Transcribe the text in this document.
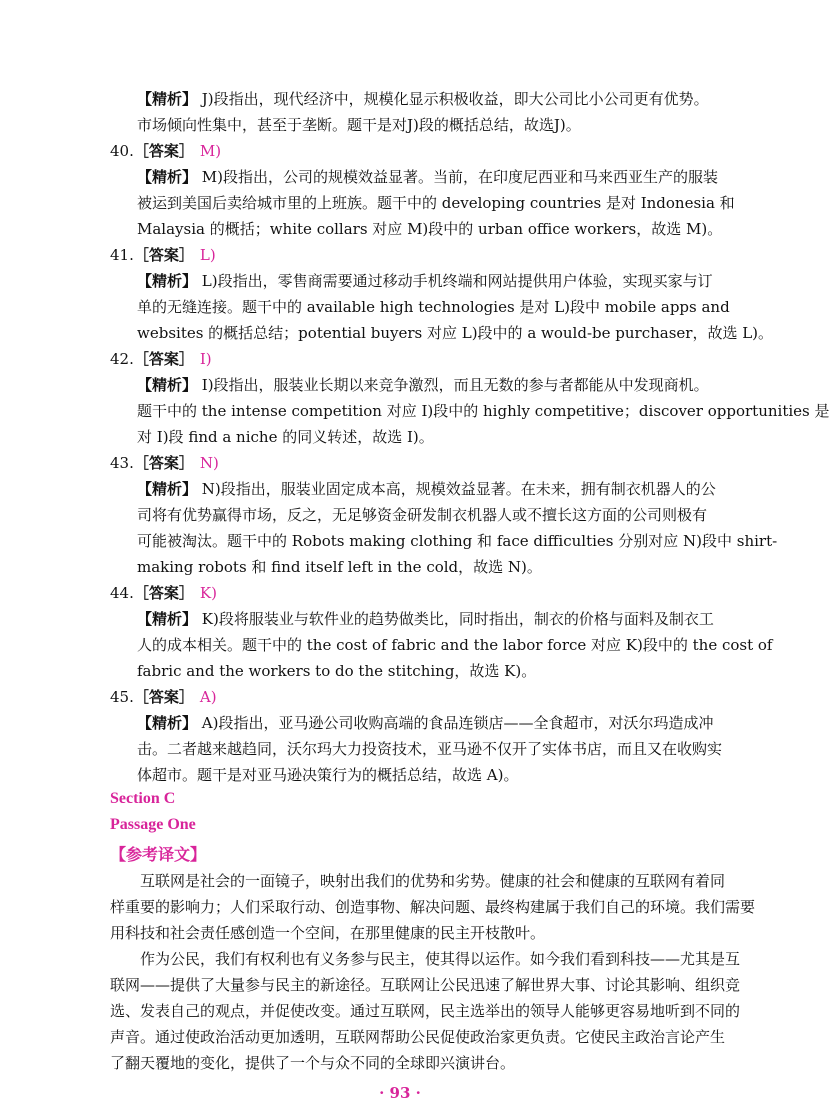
【精析】 J)段指出，现代经济中，规模化显示积极收益，即大公司比小公司更有优势。
市场倾向性集中，甚至于垄断。题干是对J)段的概括总结，故选J)。
40.［答案］ M)
【精析】 M)段指出，公司的规模效益显著。当前，在印度尼西亚和马来西亚生产的服装
被运到美国后卖给城市里的上班族。题干中的 developing countries 是对 Indonesia 和
Malaysia 的概括；white collars 对应 M)段中的 urban office workers，故选 M)。
41.［答案］ L)
【精析】 L)段指出，零售商需要通过移动手机终端和网站提供用户体验，实现买家与订
单的无缝连接。题干中的 available high technologies 是对 L)段中 mobile apps and
websites 的概括总结；potential buyers 对应 L)段中的 a would-be purchaser，故选 L)。
42.［答案］ I)
【精析】 I)段指出，服装业长期以来竞争激烈，而且无数的参与者都能从中发现商机。
题干中的 the intense competition 对应 I)段中的 highly competitive；discover opportunities 是
对 I)段 find a niche 的同义转述，故选 I)。
43.［答案］ N)
【精析】 N)段指出，服装业固定成本高，规模效益显著。在未来，拥有制衣机器人的公
司将有优势赢得市场，反之，无足够资金研发制衣机器人或不擅长这方面的公司则极有
可能被淘汰。题干中的 Robots making clothing 和 face difficulties 分别对应 N)段中 shirt-
making robots 和 find itself left in the cold，故选 N)。
44.［答案］ K)
【精析】 K)段将服装业与软件业的趋势做类比，同时指出，制衣的价格与面料及制衣工
人的成本相关。题干中的 the cost of fabric and the labor force 对应 K)段中的 the cost of
fabric and the workers to do the stitching，故选 K)。
45.［答案］ A)
【精析】 A)段指出，亚马逊公司收购高端的食品连锁店——全食超市，对沃尔玛造成冲
击。二者越来越趋同，沃尔玛大力投资技术，亚马逊不仅开了实体书店，而且又在收购实
体超市。题干是对亚马逊决策行为的概括总结，故选 A)。
Section C
Passage One
【参考译文】
　　互联网是社会的一面镜子，映射出我们的优势和劣势。健康的社会和健康的互联网有着同
样重要的影响力；人们采取行动、创造事物、解决问题、最终构建属于我们自己的环境。我们需要
用科技和社会责任感创造一个空间，在那里健康的民主开枝散叶。
　　作为公民，我们有权利也有义务参与民主，使其得以运作。如今我们看到科技——尤其是互
联网——提供了大量参与民主的新途径。互联网让公民迅速了解世界大事、讨论其影响、组织竞
选、发表自己的观点，并促使改变。通过互联网，民主选举出的领导人能够更容易地听到不同的
声音。通过使政治活动更加透明，互联网帮助公民促使政治家更负责。它使民主政治言论产生
了翻天覆地的变化，提供了一个与众不同的全球即兴演讲台。
· 93 ·
